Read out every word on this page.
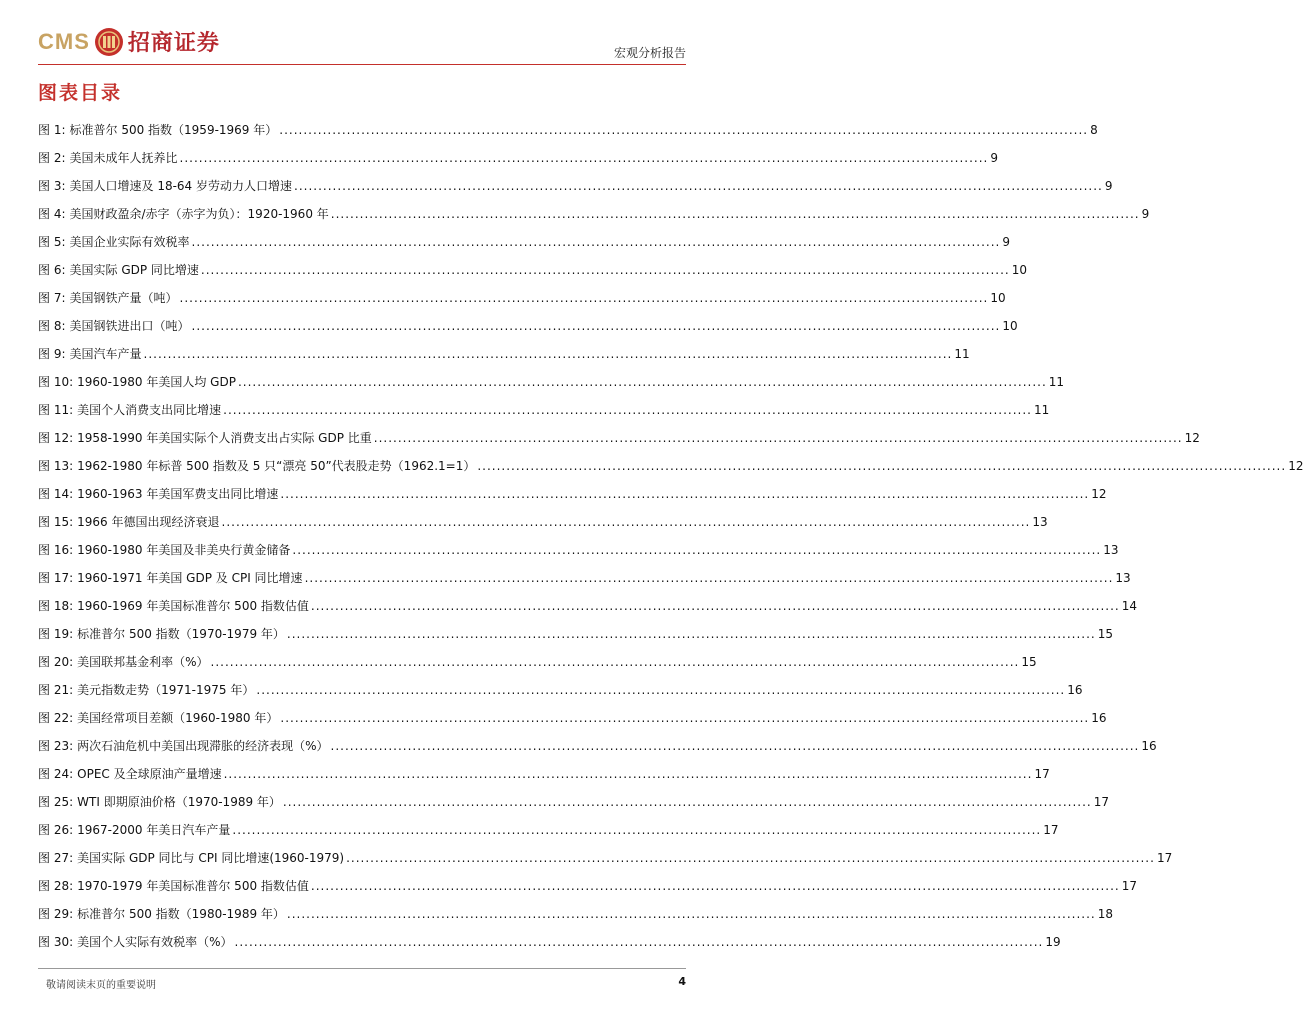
CMS 招商证券	宏观分析报告
图表目录
图 1: 标准普尔 500 指数（1959-1969 年） .....	8
图 2: 美国未成年人抚养比 .....	9
图 3: 美国人口增速及 18-64 岁劳动力人口增速 .....	9
图 4: 美国财政盈余/赤字（赤字为负）：1920-1960 年 .....	9
图 5: 美国企业实际有效税率 .....	9
图 6: 美国实际 GDP 同比增速 .....	10
图 7: 美国钢铁产量（吨） .....	10
图 8: 美国钢铁进出口（吨） .....	10
图 9: 美国汽车产量 .....	11
图 10: 1960-1980 年美国人均 GDP .....	11
图 11: 美国个人消费支出同比增速 .....	11
图 12: 1958-1990 年美国实际个人消费支出占实际 GDP 比重 .....	12
图 13: 1962-1980 年标普 500 指数及 5 只“漂亮 50”代表股走势（1962.1=1） .....	12
图 14: 1960-1963 年美国军费支出同比增速 .....	12
图 15: 1966 年德国出现经济衰退 .....	13
图 16: 1960-1980 年美国及非美央行黄金储备 .....	13
图 17: 1960-1971 年美国 GDP 及 CPI 同比增速 .....	13
图 18: 1960-1969 年美国标准普尔 500 指数估值 .....	14
图 19: 标准普尔 500 指数（1970-1979 年） .....	15
图 20: 美国联邦基金利率（%） .....	15
图 21: 美元指数走势（1971-1975 年） .....	16
图 22: 美国经常项目差额（1960-1980 年） .....	16
图 23: 两次石油危机中美国出现滞胀的经济表现（%） .....	16
图 24: OPEC 及全球原油产量增速 .....	17
图 25: WTI 即期原油价格（1970-1989 年） .....	17
图 26: 1967-2000 年美日汽车产量 .....	17
图 27: 美国实际 GDP 同比与 CPI 同比增速(1960-1979) .....	17
图 28: 1970-1979 年美国标准普尔 500 指数估值 .....	17
图 29: 标准普尔 500 指数（1980-1989 年） .....	18
图 30: 美国个人实际有效税率（%） .....	19
敬请阅读末页的重要说明	4
